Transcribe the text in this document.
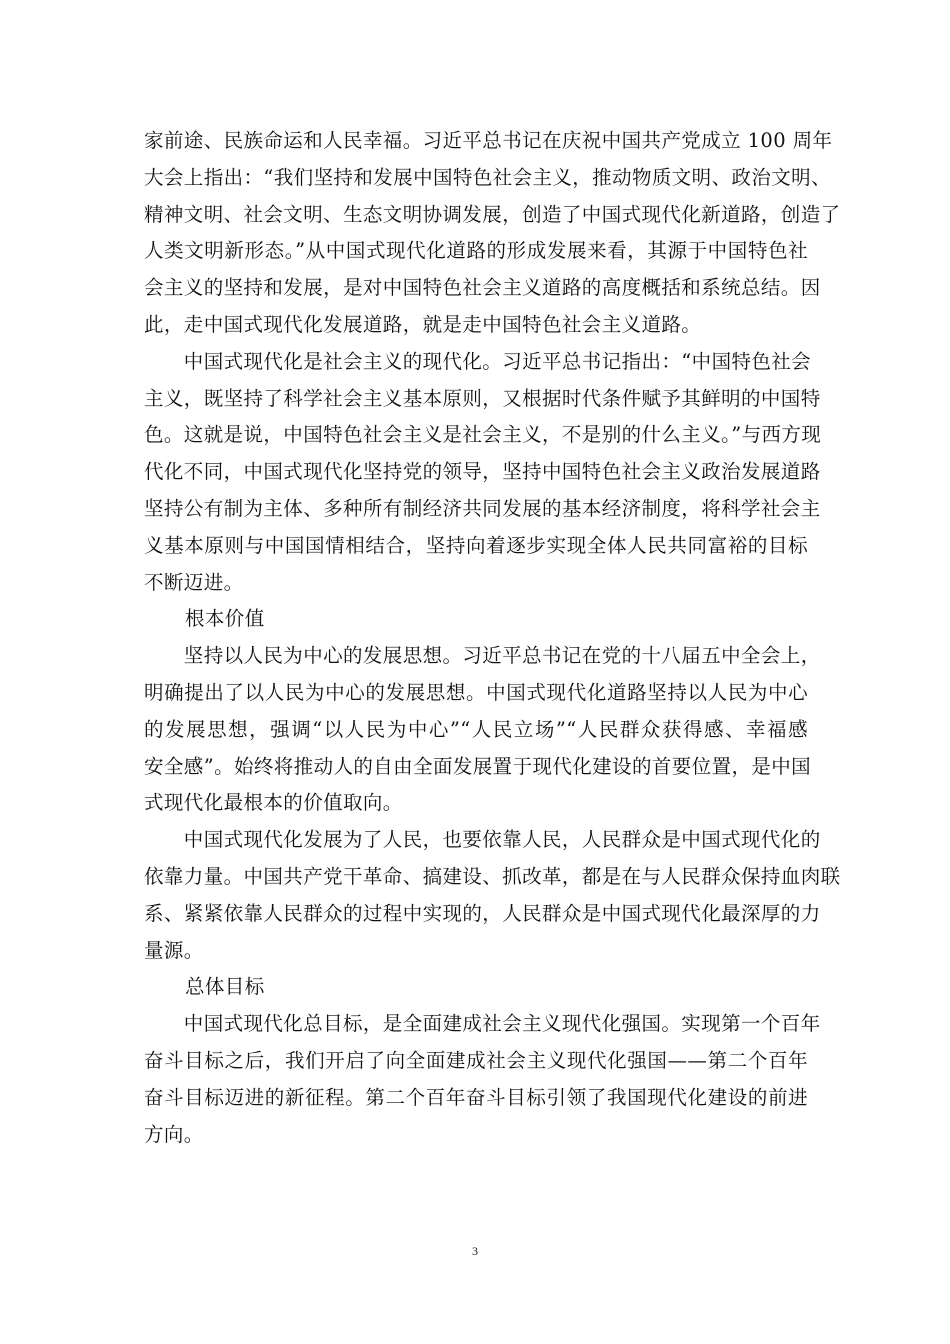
家前途、民族命运和人民幸福。习近平总书记在庆祝中国共产党成立 100 周年
大会上指出：“我们坚持和发展中国特色社会主义，推动物质文明、政治文明、
精神文明、社会文明、生态文明协调发展，创造了中国式现代化新道路，创造了
人类文明新形态。”从中国式现代化道路的形成发展来看，其源于中国特色社
会主义的坚持和发展，是对中国特色社会主义道路的高度概括和系统总结。因
此，走中国式现代化发展道路，就是走中国特色社会主义道路。

　　中国式现代化是社会主义的现代化。习近平总书记指出：“中国特色社会
主义，既坚持了科学社会主义基本原则，又根据时代条件赋予其鲜明的中国特
色。这就是说，中国特色社会主义是社会主义，不是别的什么主义。”与西方现
代化不同，中国式现代化坚持党的领导，坚持中国特色社会主义政治发展道路
坚持公有制为主体、多种所有制经济共同发展的基本经济制度，将科学社会主
义基本原则与中国国情相结合，坚持向着逐步实现全体人民共同富裕的目标
不断迈进。

根本价值

　　坚持以人民为中心的发展思想。习近平总书记在党的十八届五中全会上，
明确提出了以人民为中心的发展思想。中国式现代化道路坚持以人民为中心
的发展思想，强调“以人民为中心”“人民立场”“人民群众获得感、幸福感
安全感”。始终将推动人的自由全面发展置于现代化建设的首要位置，是中国
式现代化最根本的价值取向。

　　中国式现代化发展为了人民，也要依靠人民，人民群众是中国式现代化的
依靠力量。中国共产党干革命、搞建设、抓改革，都是在与人民群众保持血肉联
系、紧紧依靠人民群众的过程中实现的，人民群众是中国式现代化最深厚的力
量源。

总体目标

　　中国式现代化总目标，是全面建成社会主义现代化强国。实现第一个百年
奋斗目标之后，我们开启了向全面建成社会主义现代化强国——第二个百年
奋斗目标迈进的新征程。第二个百年奋斗目标引领了我国现代化建设的前进
方向。

3
